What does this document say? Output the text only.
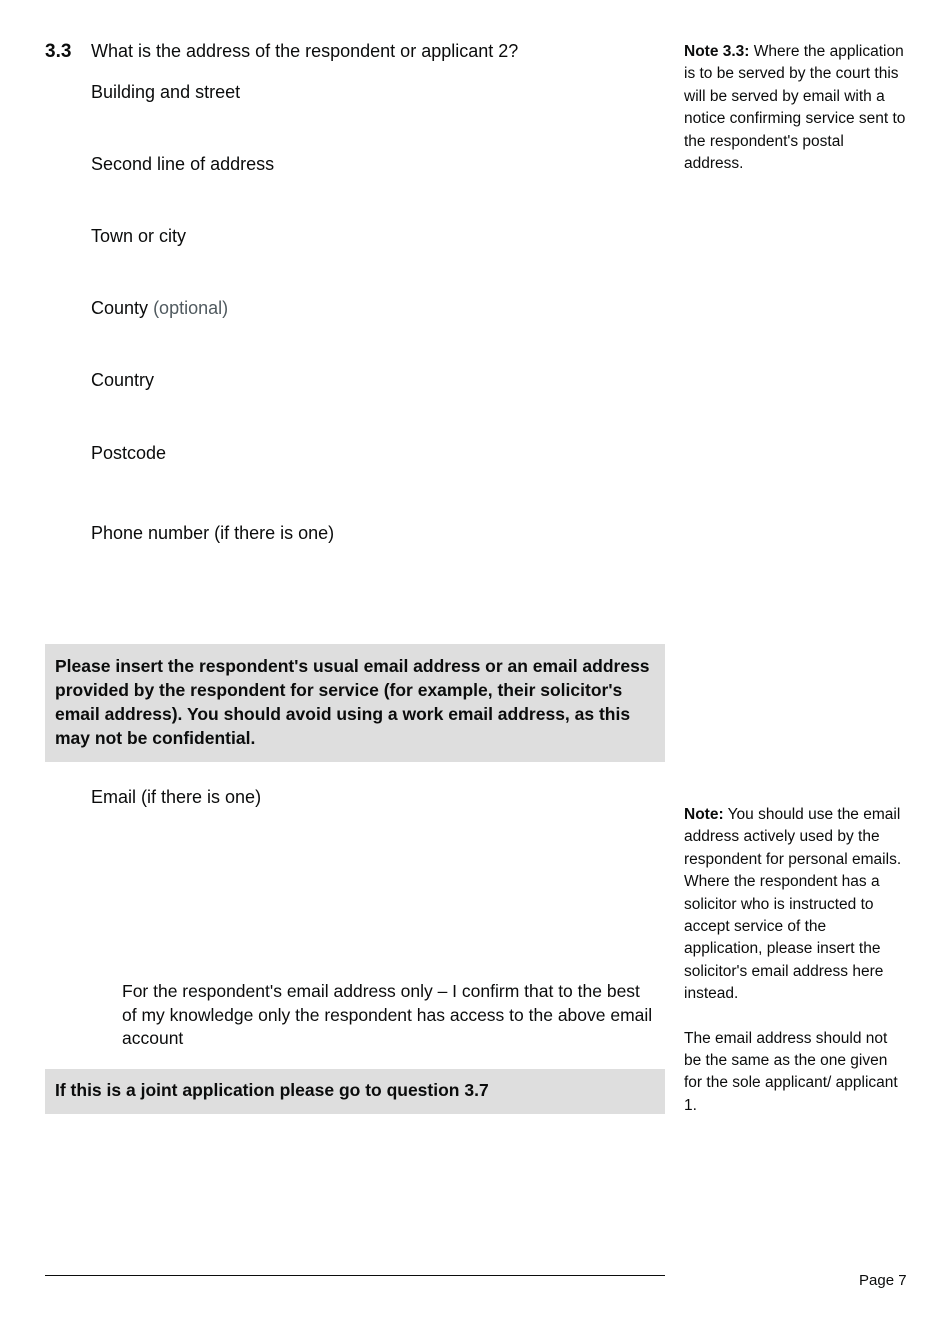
3.3 What is the address of the respondent or applicant 2?
Building and street
Second line of address
Town or city
County (optional)
Country
Postcode
Phone number (if there is one)
Note 3.3: Where the application is to be served by the court this will be served by email with a notice confirming service sent to the respondent's postal address.
Please insert the respondent's usual email address or an email address provided by the respondent for service (for example, their solicitor's email address). You should avoid using a work email address, as this may not be confidential.
Email (if there is one)
Note: You should use the email address actively used by the respondent for personal emails. Where the respondent has a solicitor who is instructed to accept service of the application, please insert the solicitor's email address here instead.
The email address should not be the same as the one given for the sole applicant/ applicant 1.
For the respondent's email address only – I confirm that to the best of my knowledge only the respondent has access to the above email account
If this is a joint application please go to question 3.7
Page 7
